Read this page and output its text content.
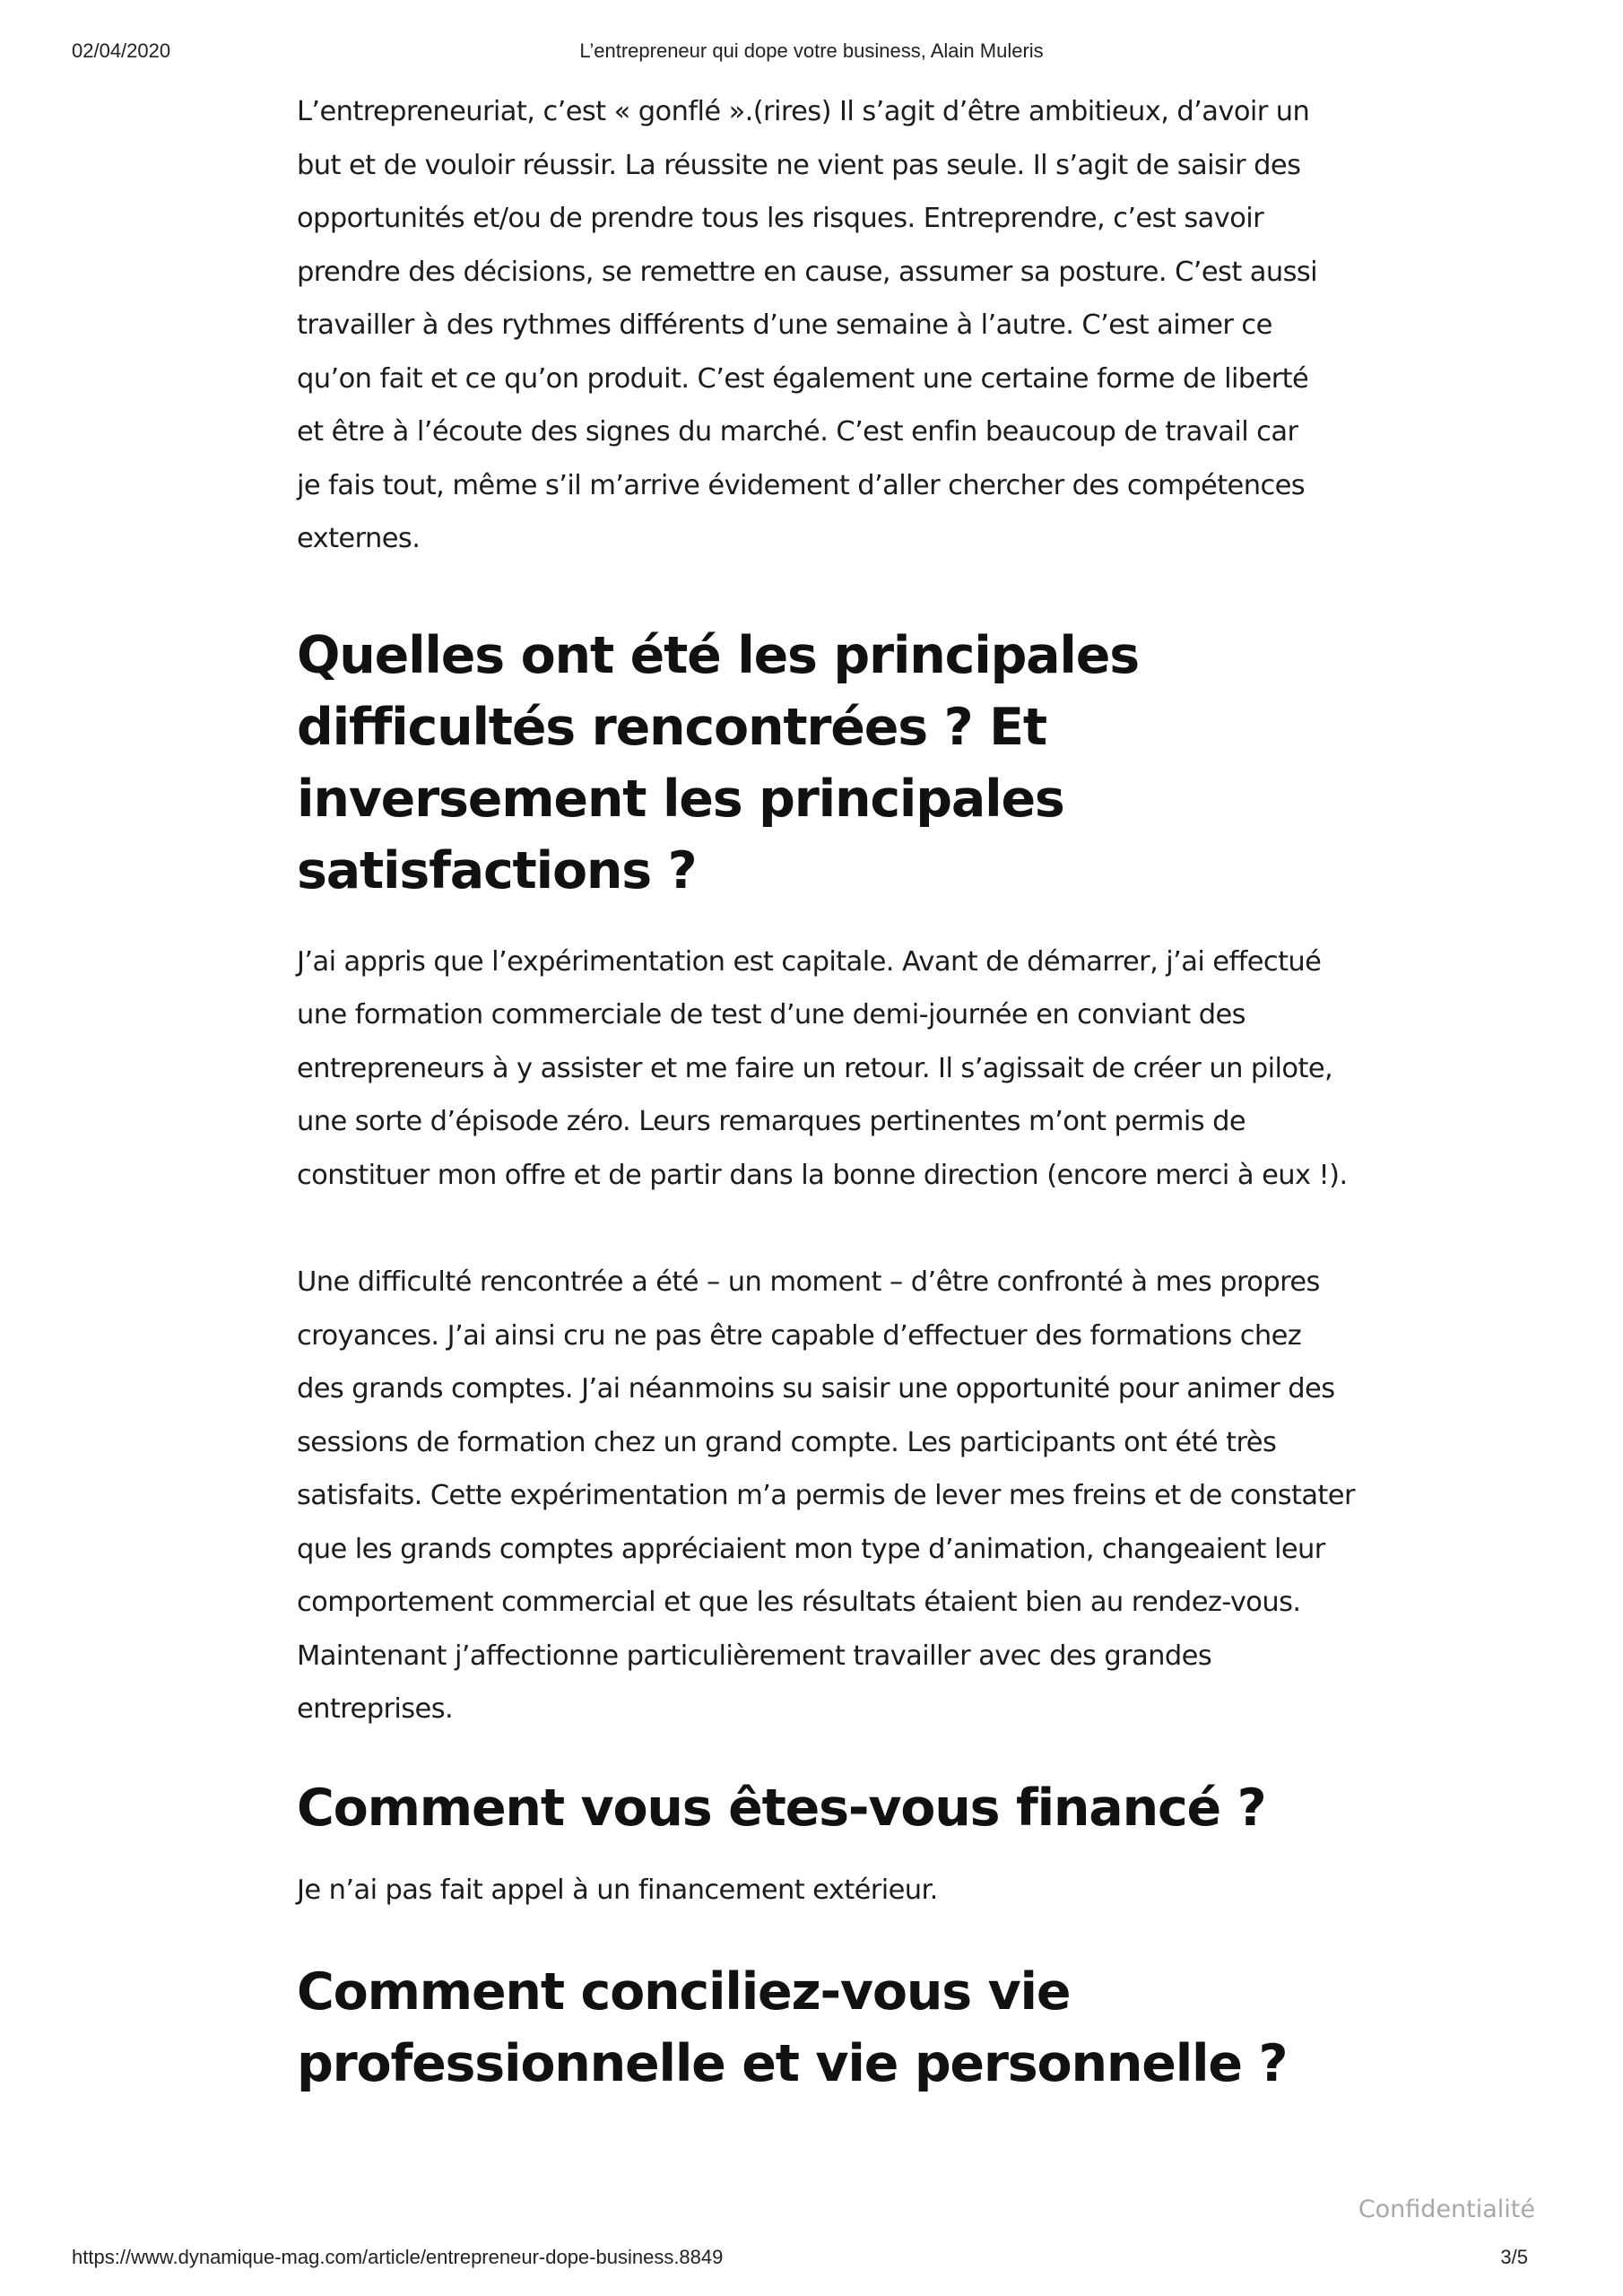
02/04/2020	L’entrepreneur qui dope votre business, Alain Muleris

L’entrepreneuriat, c’est « gonflé ».(rires) Il s’agit d’être ambitieux, d’avoir un but et de vouloir réussir. La réussite ne vient pas seule. Il s’agit de saisir des opportunités et/ou de prendre tous les risques. Entreprendre, c’est savoir prendre des décisions, se remettre en cause, assumer sa posture. C’est aussi travailler à des rythmes différents d’une semaine à l’autre. C’est aimer ce qu’on fait et ce qu’on produit. C’est également une certaine forme de liberté et être à l’écoute des signes du marché. C’est enfin beaucoup de travail car je fais tout, même s’il m’arrive évidement d’aller chercher des compétences externes.

Quelles ont été les principales difficultés rencontrées ? Et inversement les principales satisfactions ?

J’ai appris que l’expérimentation est capitale. Avant de démarrer, j’ai effectué une formation commerciale de test d’une demi-journée en conviant des entrepreneurs à y assister et me faire un retour. Il s’agissait de créer un pilote, une sorte d’épisode zéro. Leurs remarques pertinentes m’ont permis de constituer mon offre et de partir dans la bonne direction (encore merci à eux !).

Une difficulté rencontrée a été – un moment – d’être confronté à mes propres croyances. J’ai ainsi cru ne pas être capable d’effectuer des formations chez des grands comptes. J’ai néanmoins su saisir une opportunité pour animer des sessions de formation chez un grand compte. Les participants ont été très satisfaits. Cette expérimentation m’a permis de lever mes freins et de constater que les grands comptes appréciaient mon type d’animation, changeaient leur comportement commercial et que les résultats étaient bien au rendez-vous. Maintenant j’affectionne particulièrement travailler avec des grandes entreprises.

Comment vous êtes-vous financé ?

Je n’ai pas fait appel à un financement extérieur.

Comment conciliez-vous vie professionnelle et vie personnelle ?
Confidentialité
https://www.dynamique-mag.com/article/entrepreneur-dope-business.8849	3/5
